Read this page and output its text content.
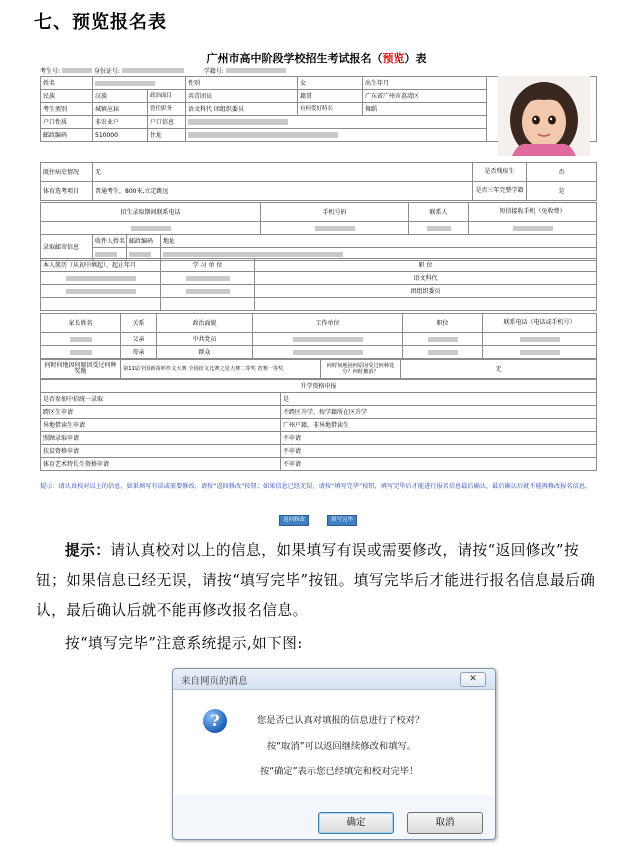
七、预览报名表
广州市高中阶段学校招生考试报名（预览）表
考生号:	身份证号:	学籍号:
姓名			性别	女	出生年月	
民族	汉族	政治面目	共青团员	籍贯	广东省广州市荔湾区	
考生类别	城镇应届	曾任职务	语文科代 团组织委员	有何爱好特长	舞蹈	
户口性质	非农业户	户口信息				
邮政编码	510000	住址				
既往病史情况	无	是否残疾生	否
体育选考项目	普通考生，800米,立定跳远	是否三年完整学籍	是
招生录取期间联系电话				手机号码	联系人	短信接收手机（免收费）

录取邮寄信息	收件人姓名	邮政编码	地址			

本人简历（从初中填起），起止年月	学 习 单 位	职 位
		语文科代
		团组织委员

家长姓名	关系	政治面貌	工作单位	职位	联系电话（电话或手机号）
	父亲	中共党员			
	母亲	群众			
何时何地因何原因受过何种奖励	第11届全国新苗杯作文大赛 全国征文比赛之星大赛二等奖 省赛一等奖	何时何地因何原因受过何种处分？何时撤消？	无
升学资格申报	
是否参加中招统一录取	是
跨区生申请	不跨区升学，按学籍所在区升学
异地借读生申请	广州户籍，非异地借读生
照顾录取申请	不申请
扶贫资格申请	不申请
体育艺术特长生资格申请	不申请
提示：请认真校对以上的信息，如果填写有误或需要修改，请按“返回修改”按钮；如果信息已经无误，请按“填写完毕”按钮，填写完毕后才能进行报名信息最后确认，最后确认后就不能再修改报名信息。
返回修改	填写完毕
提示：请认真校对以上的信息，如果填写有误或需要修改，请按“返回修改”按钮；如果信息已经无误，请按“填写完毕”按钮。填写完毕后才能进行报名信息最后确认，最后确认后就不能再修改报名信息。
按“填写完毕”注意系统提示,如下图:
来自网页的消息	✕
?	您是否已认真对填报的信息进行了校对？
按“取消”可以返回继续修改和填写。
按“确定”表示您已经填完和校对完毕！
确定	取消
